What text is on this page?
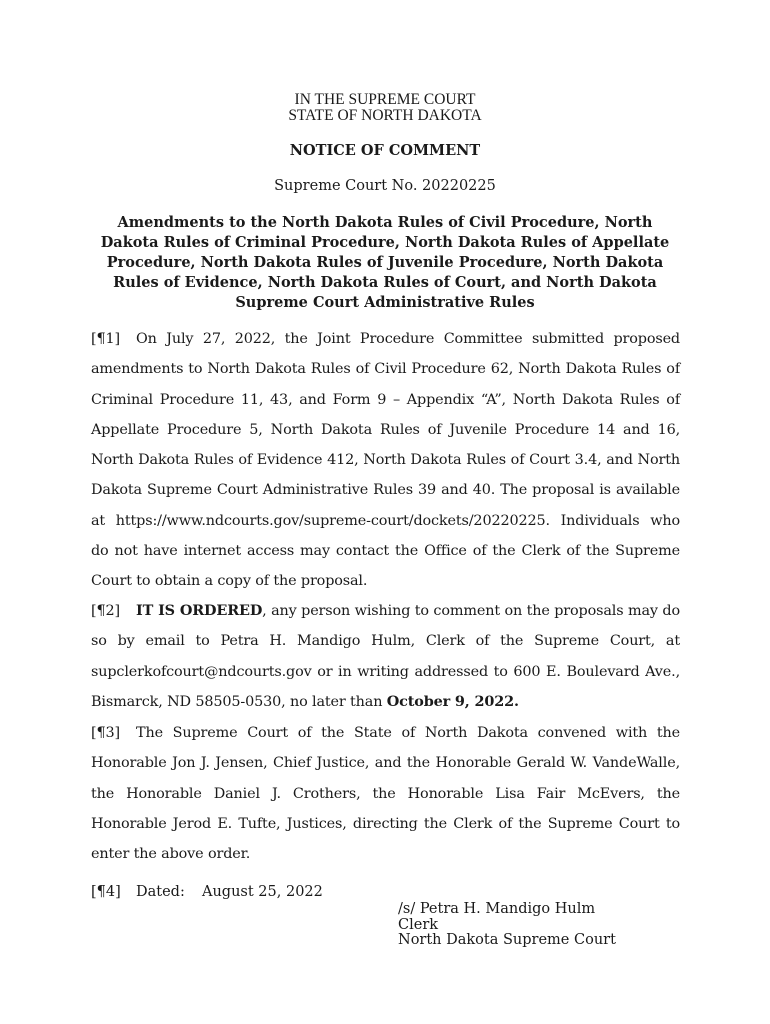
IN THE SUPREME COURT
STATE OF NORTH DAKOTA
NOTICE OF COMMENT
Supreme Court No. 20220225
Amendments to the North Dakota Rules of Civil Procedure, North Dakota Rules of Criminal Procedure, North Dakota Rules of Appellate Procedure, North Dakota Rules of Juvenile Procedure, North Dakota Rules of Evidence, North Dakota Rules of Court, and North Dakota Supreme Court Administrative Rules
[¶1] On July 27, 2022, the Joint Procedure Committee submitted proposed amendments to North Dakota Rules of Civil Procedure 62, North Dakota Rules of Criminal Procedure 11, 43, and Form 9 – Appendix “A”, North Dakota Rules of Appellate Procedure 5, North Dakota Rules of Juvenile Procedure 14 and 16, North Dakota Rules of Evidence 412, North Dakota Rules of Court 3.4, and North Dakota Supreme Court Administrative Rules 39 and 40. The proposal is available at https://www.ndcourts.gov/supreme-court/dockets/20220225. Individuals who do not have internet access may contact the Office of the Clerk of the Supreme Court to obtain a copy of the proposal.
[¶2] IT IS ORDERED, any person wishing to comment on the proposals may do so by email to Petra H. Mandigo Hulm, Clerk of the Supreme Court, at supclerkofcourt@ndcourts.gov or in writing addressed to 600 E. Boulevard Ave., Bismarck, ND 58505-0530, no later than October 9, 2022.
[¶3] The Supreme Court of the State of North Dakota convened with the Honorable Jon J. Jensen, Chief Justice, and the Honorable Gerald W. VandeWalle, the Honorable Daniel J. Crothers, the Honorable Lisa Fair McEvers, the Honorable Jerod E. Tufte, Justices, directing the Clerk of the Supreme Court to enter the above order.
[¶4] Dated: August 25, 2022
/s/ Petra H. Mandigo Hulm
Clerk
North Dakota Supreme Court
